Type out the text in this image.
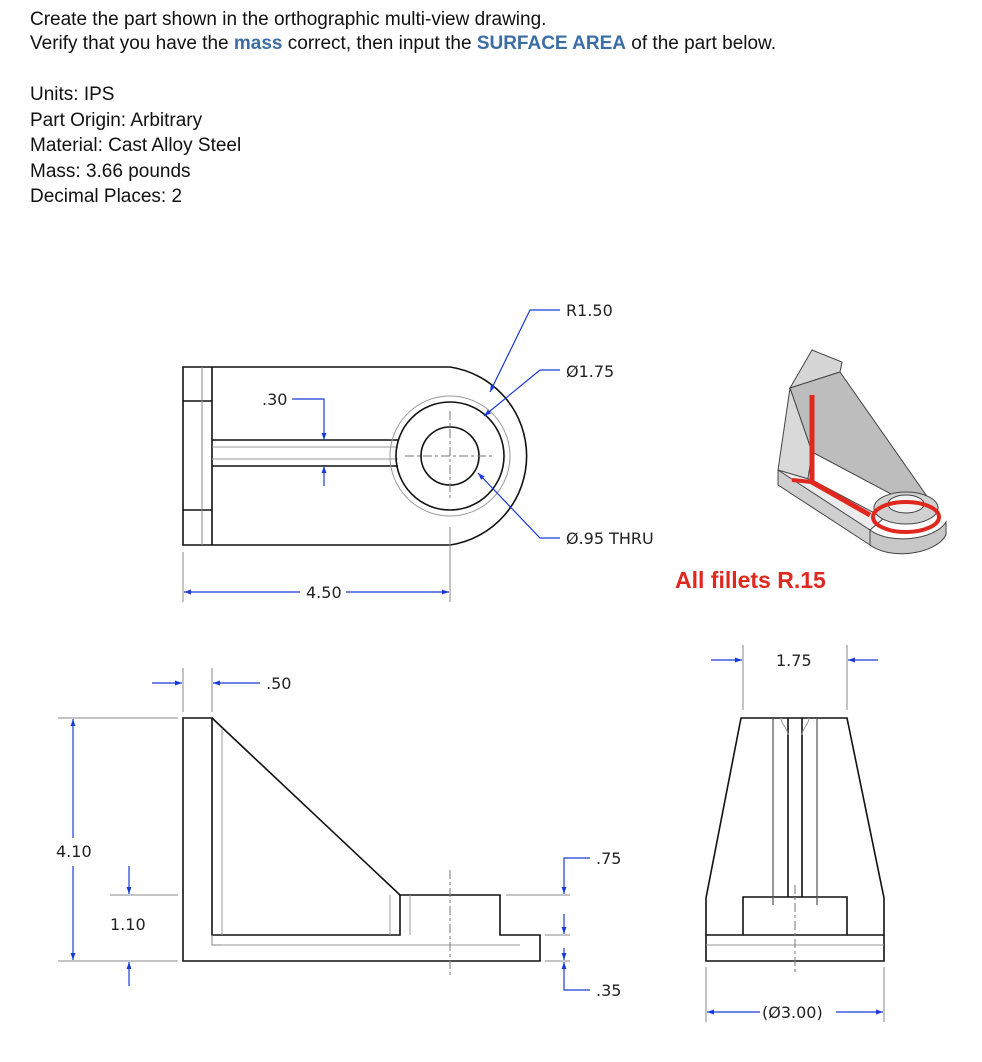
Create the part shown in the orthographic multi-view drawing.
Verify that you have the mass correct, then input the SURFACE AREA of the part below.
Units: IPS
Part Origin: Arbitrary
Material: Cast Alloy Steel
Mass: 3.66 pounds
Decimal Places: 2
R1.50
Ø1.75
Ø.95 THRU
.30
4.50
.50
4.10
1.10
.75
.35
1.75
(Ø3.00)
All fillets R.15
